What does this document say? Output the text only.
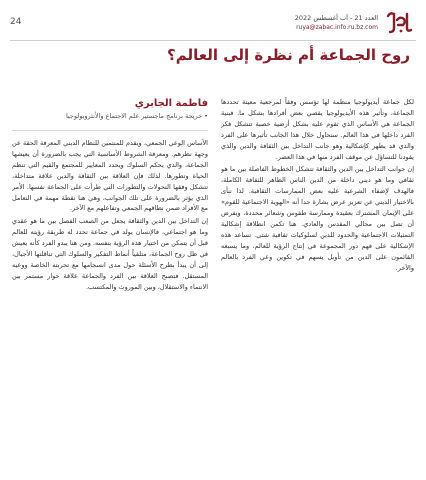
24	العدد 21 - آب أغسطس 2022
ruya@zabac.info.ru.bz.com
روح الجماعة أم نظرة إلى العالم؟

لكل جماعة أيديولوجيا منظمة لها تؤسس وفقاً لمرجعية معينة تحددها الجماعة، وتأثير هذه الأيديولوجيا يقصي بعض أفرادها بشكل ما. فبنية الجماعة هي الأساس الذي تقوم عليه بشكل أرضية خصبة تتشكل فكر الفرد داخلها في هذا العالم. سنحاول خلال هذا الجانب تأثيرها على الفرد والذي قد يظهر كإشكالية وهو جانب التداخل بين الثقافة والدين والذي يقودنا للتساؤل عن موقف الفرد منها في هذا العصر.

إن جوانب التداخل بين الدين والثقافة تتشكل الخطوط الفاصلة بين ما هو ثقافي وما هو ديني داخلة من الدين الناس الظاهر للثقافة الكاملة، فالهدف لإضفاء الشرعية عليه بعض الممارسات الثقافية. لذا ننأى بالاختيار الديني عن تعزيز عرض بشارة حدا أنه «الهوية الاجتماعية للقوم» على الإيمان المشترك بعقيدة وممارسة طقوس وشعائر محددة، ويفرض أن تصل بين مجالي المقدس والعادي. هنا تكمن انطلاقة إشكالية التمثيلات الاجتماعية والحدود للدين لسلوكيات ثقافية شتى. تساعد هذه الإشكالية على فهم دور المجموعة في إنتاج الرؤية للعالم، وما يسبغه القائمون على الدين من تأويل يسهم في تكوين وعي الفرد بالعالم والآخر.

فاطمة الجابري
• خريجة برنامج ماجستير علم الاجتماع والأنثروبولوجيا

الأساس الوعي الجمعي، ويقدم للمنتمين للنظام الديني المعرفة الحقة عن وجهة نظرهم. ومعرفة الشروط الأساسية التي يجب بالضرورة أن يعيشها الجماعة، والذي يحكم السلوك ويحدد المعايير للمجتمع والقيم التي تنظم الحياة وتطورها. لذلك فإن العلاقة بين الثقافة والدين علاقة متداخلة، تتشكل وفقها التحولات والتطورات التي طرأت على الجماعة نفسها. الأمر الذي يؤثر بالضرورة على تلك الجوانب، وهي هنا نقطة مهمة في التعامل مع الأفراد ضمن نطاقهم الجمعي وتفاعلهم مع الآخر.

إن التداخل بين الدين والثقافة يجعل من الصعب الفصل بين ما هو عقدي وما هو اجتماعي، فالإنسان يولد في جماعة تحدد له طريقة رؤيته للعالم قبل أن يتمكن من اختيار هذه الرؤية بنفسه. ومن هنا يبدو الفرد كأنه يعيش في ظل روح الجماعة، متلقياً أنماط التفكير والسلوك التي تناقلتها الأجيال، إلى أن يبدأ بطرح الأسئلة حول مدى انسجامها مع تجربته الخاصة ووعيه المستقل. فتصبح العلاقة بين الفرد والجماعة علاقة حوار مستمر بين الانتماء والاستقلال، وبين الموروث والمكتسب.
